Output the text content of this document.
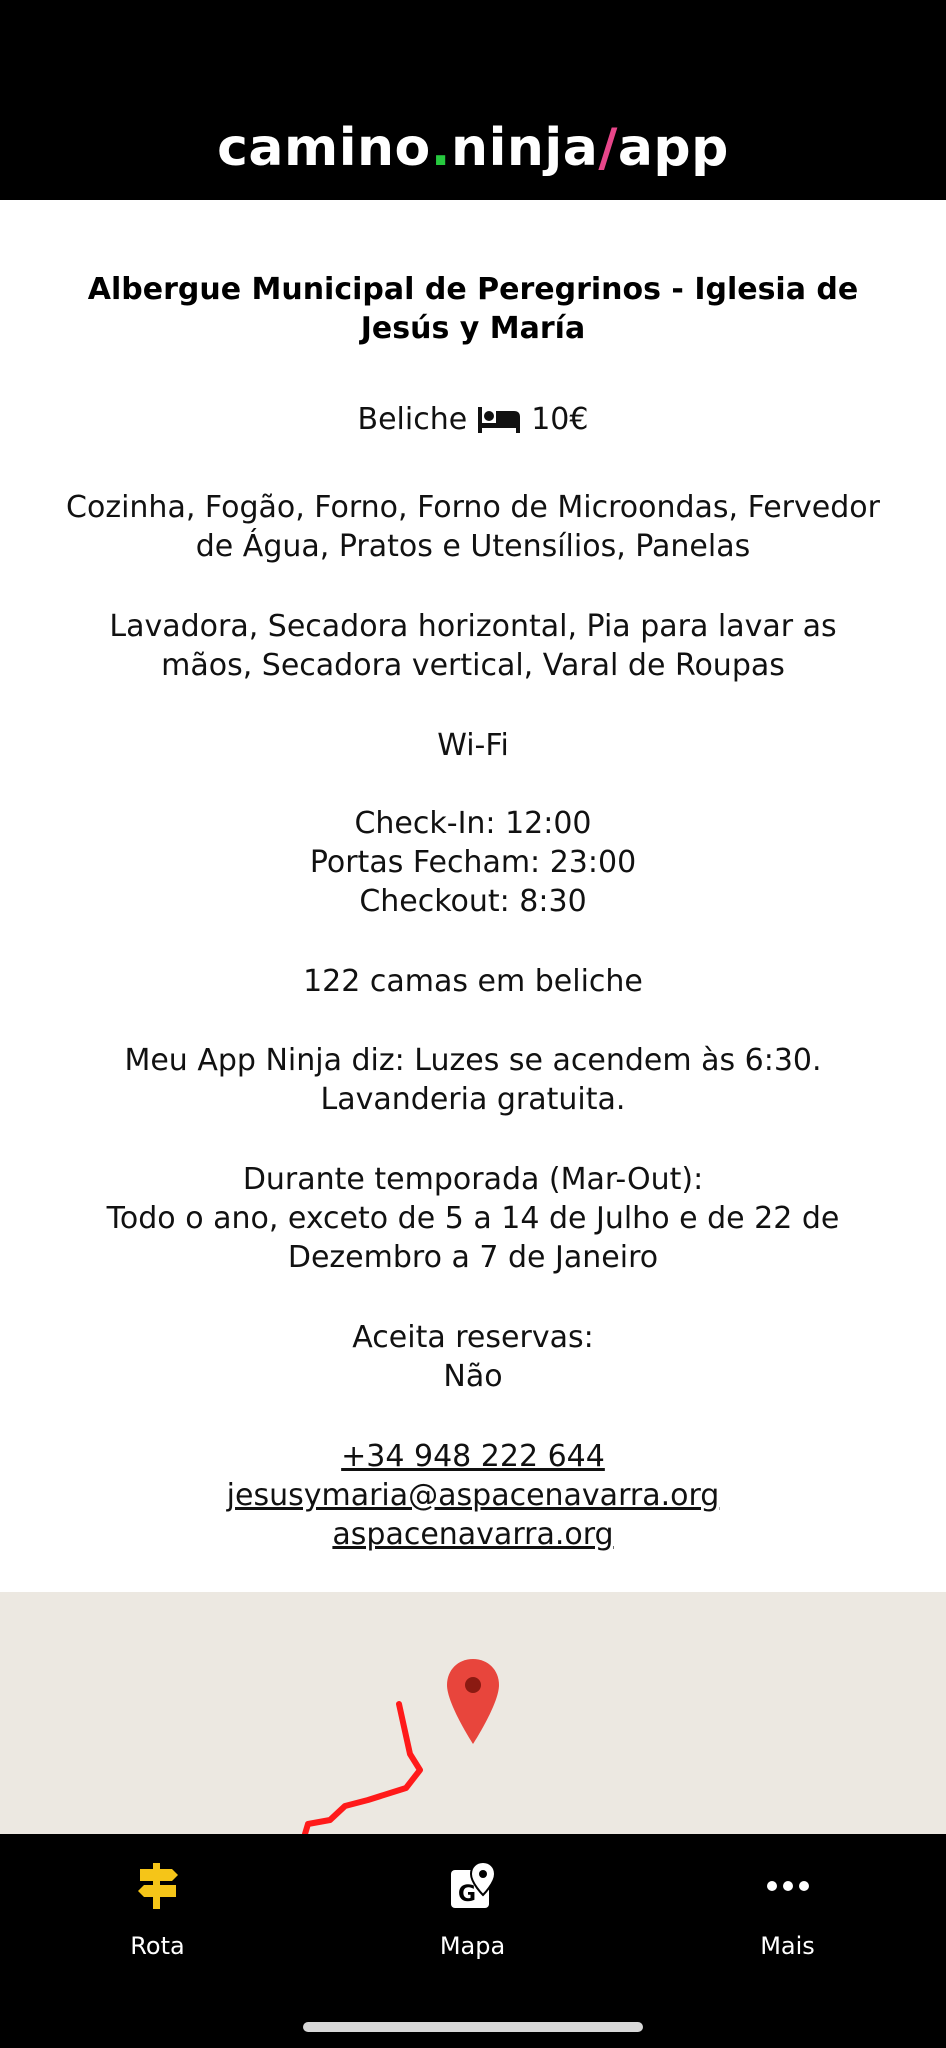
camino.ninja/app
Albergue Municipal de Peregrinos - Iglesia de Jesús y María
Beliche 10€

Cozinha, Fogão, Forno, Forno de Microondas, Fervedor de Água, Pratos e Utensílios, Panelas

Lavadora, Secadora horizontal, Pia para lavar as mãos, Secadora vertical, Varal de Roupas

Wi-Fi

Check-In: 12:00

Portas Fecham: 23:00

Checkout: 8:30

122 camas em beliche

Meu App Ninja diz: Luzes se acendem às 6:30.

Lavanderia gratuita.

Durante temporada (Mar-Out):

Todo o ano, exceto de 5 a 14 de Julho e de 22 de Dezembro a 7 de Janeiro

Aceita reservas:

Não

+34 948 222 644

jesusymaria@aspacenavarra.org

aspacenavarra.org

Rota
G
Mapa	Mais
